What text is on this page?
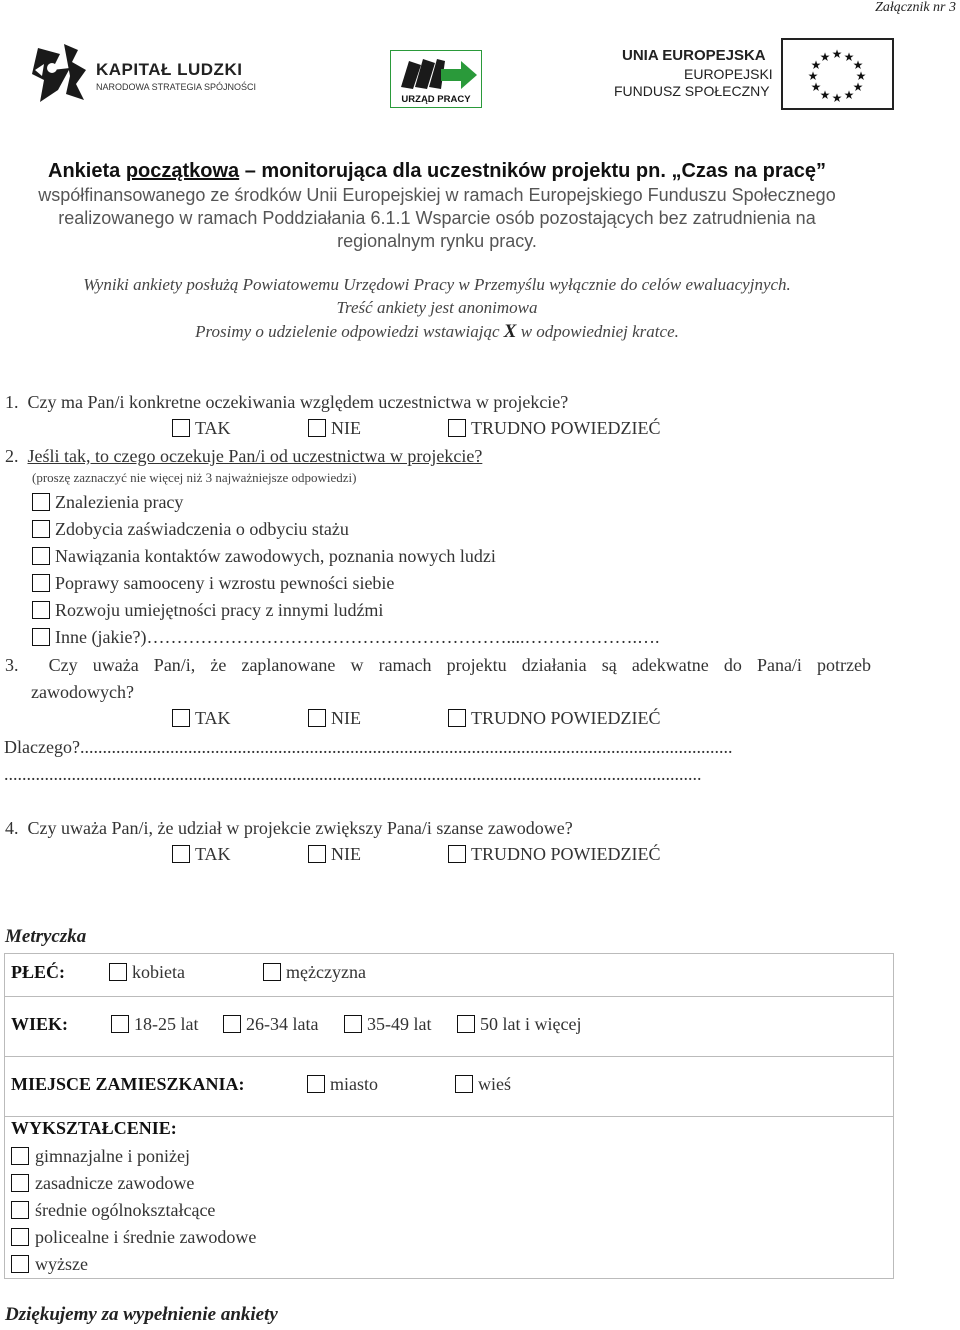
Załącznik nr 3
KAPITAŁ LUDZKI
NARODOWA STRATEGIA SPÓJNOŚCI
URZĄD PRACY
UNIA EUROPEJSKA
EUROPEJSKI
FUNDUSZ SPOŁECZNY
★ ★
★
★
★
★
★
★
★
★
★
★
Ankieta początkowa – monitorująca dla uczestników projektu pn. „Czas na pracę”
współfinansowanego ze środków Unii Europejskiej w ramach Europejskiego Funduszu Społecznego
realizowanego w ramach Poddziałania 6.1.1 Wsparcie osób pozostających bez zatrudnienia na
regionalnym rynku pracy.
Wyniki ankiety posłużą Powiatowemu Urzędowi Pracy w Przemyślu wyłącznie do celów ewaluacyjnych.
Treść ankiety jest anonimowa
Prosimy o udzielenie odpowiedzi wstawiając X w odpowiedniej kratce.
1. Czy ma Pan/i konkretne oczekiwania względem uczestnictwa w projekcie?
TAK	NIE	TRUDNO POWIEDZIEĆ
2. Jeśli tak, to czego oczekuje Pan/i od uczestnictwa w projekcie?
(proszę zaznaczyć nie więcej niż 3 najważniejsze odpowiedzi)
Znalezienia pracy
Zdobycia zaświadczenia o odbyciu stażu
Nawiązania kontaktów zawodowych, poznania nowych ludzi
Poprawy samooceny i wzrostu pewności siebie
Rozwoju umiejętności pracy z innymi ludźmi
Inne (jakie?)……………………………………………………....……………….….
3. Czy uważa Pan/i, że zaplanowane w ramach projektu działania są adekwatne do Pana/i potrzeb
zawodowych?
TAK	NIE	TRUDNO POWIEDZIEĆ
Dlaczego?.................................................................................................................................................
...........................................................................................................................................................
4. Czy uważa Pan/i, że udział w projekcie zwiększy Pana/i szanse zawodowe?
TAK	NIE	TRUDNO POWIEDZIEĆ
Metryczka
PŁEĆ:	kobieta	mężczyzna
WIEK:	18-25 lat	26-34 lata	35-49 lat	50 lat i więcej
MIEJSCE ZAMIESZKANIA:	miasto	wieś
WYKSZTAŁCENIE:
gimnazjalne i poniżej
zasadnicze zawodowe
średnie ogólnokształcące
policealne i średnie zawodowe
wyższe
Dziękujemy za wypełnienie ankiety
